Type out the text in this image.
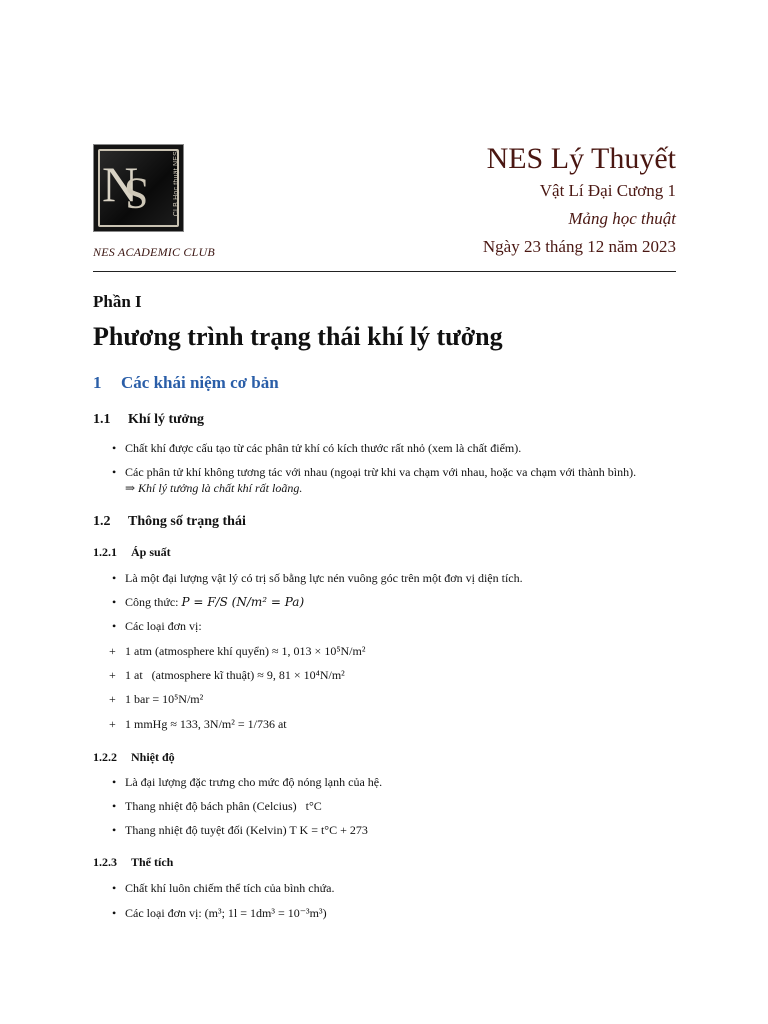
N
S	CLB Học thuật NES
NES ACADEMIC CLUB
NES Lý Thuyết
Vật Lí Đại Cương 1
Mảng học thuật
Ngày 23 tháng 12 năm 2023
Phần I
Phương trình trạng thái khí lý tưởng
1 Các khái niệm cơ bản
1.1 Khí lý tưởng
• Chất khí được cấu tạo từ các phân tử khí có kích thước rất nhỏ (xem là chất điểm).
• Các phân tử khí không tương tác với nhau (ngoại trừ khi va chạm với nhau, hoặc va chạm với thành bình).
⇒ Khí lý tưởng là chất khí rất loãng.
1.2 Thông số trạng thái
1.2.1 Áp suất
• Là một đại lượng vật lý có trị số bằng lực nén vuông góc trên một đơn vị diện tích.
• Công thức: P = F/S (N/m² = Pa)
• Các loại đơn vị:
+ 1 atm (atmosphere khí quyển) ≈ 1, 013 × 10⁵N/m²
+ 1 at   (atmosphere kĩ thuật) ≈ 9, 81 × 10⁴N/m²
+ 1 bar = 10⁵N/m²
+ 1 mmHg ≈ 133, 3N/m² = 1/736 at
1.2.2 Nhiệt độ
• Là đại lượng đặc trưng cho mức độ nóng lạnh của hệ.
• Thang nhiệt độ bách phân (Celcius)   t°C
• Thang nhiệt độ tuyệt đối (Kelvin) T K = t°C + 273
1.2.3 Thể tích
• Chất khí luôn chiếm thể tích của bình chứa.
• Các loại đơn vị: (m³; 1l = 1dm³ = 10⁻³m³)
